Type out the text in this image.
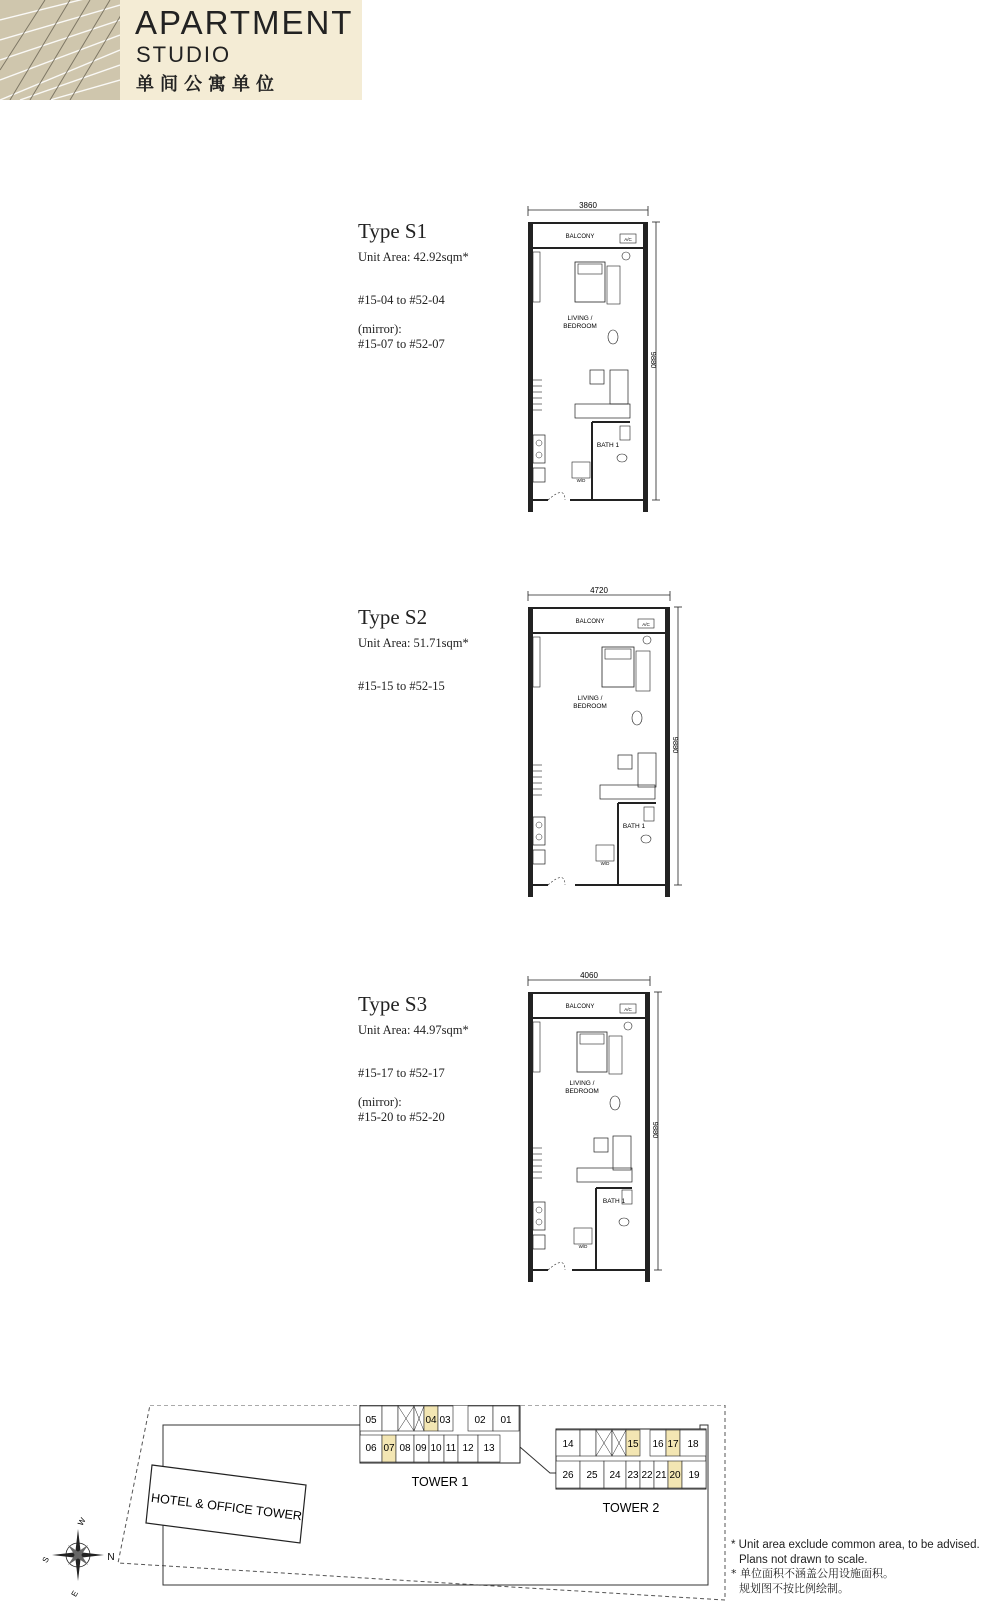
APARTMENT
STUDIO
单间公寓单位
Type S1
Unit Area: 42.92sqm*
#15-04 to #52-04
(mirror):
#15-07 to #52-07
Type S2
Unit Area: 51.71sqm*
#15-15 to #52-15
Type S3
Unit Area: 44.97sqm*
#15-17 to #52-17
(mirror):
#15-20 to #52-20
3860
BALCONY	A/C
LIVING /
BEDROOM
BATH 1
W/D
9880
4720
BALCONY	A/C
LIVING /
BEDROOM
BATH 1
W/D
9880
4060
BALCONY	A/C
LIVING /
BEDROOM
BATH 1
W/D
9880
HOTEL & OFFICE TOWER
05	04 03 02 01
06 07 08 09 10 11 12 13
TOWER 1
14	15 16 17 18
26 25 24 23 22 21 20 19
TOWER 2
W
S	N
E
* Unit area exclude common area, to be advised.
Plans not drawn to scale.
* 单位面积不涵盖公用设施面积。
规划图不按比例绘制。
